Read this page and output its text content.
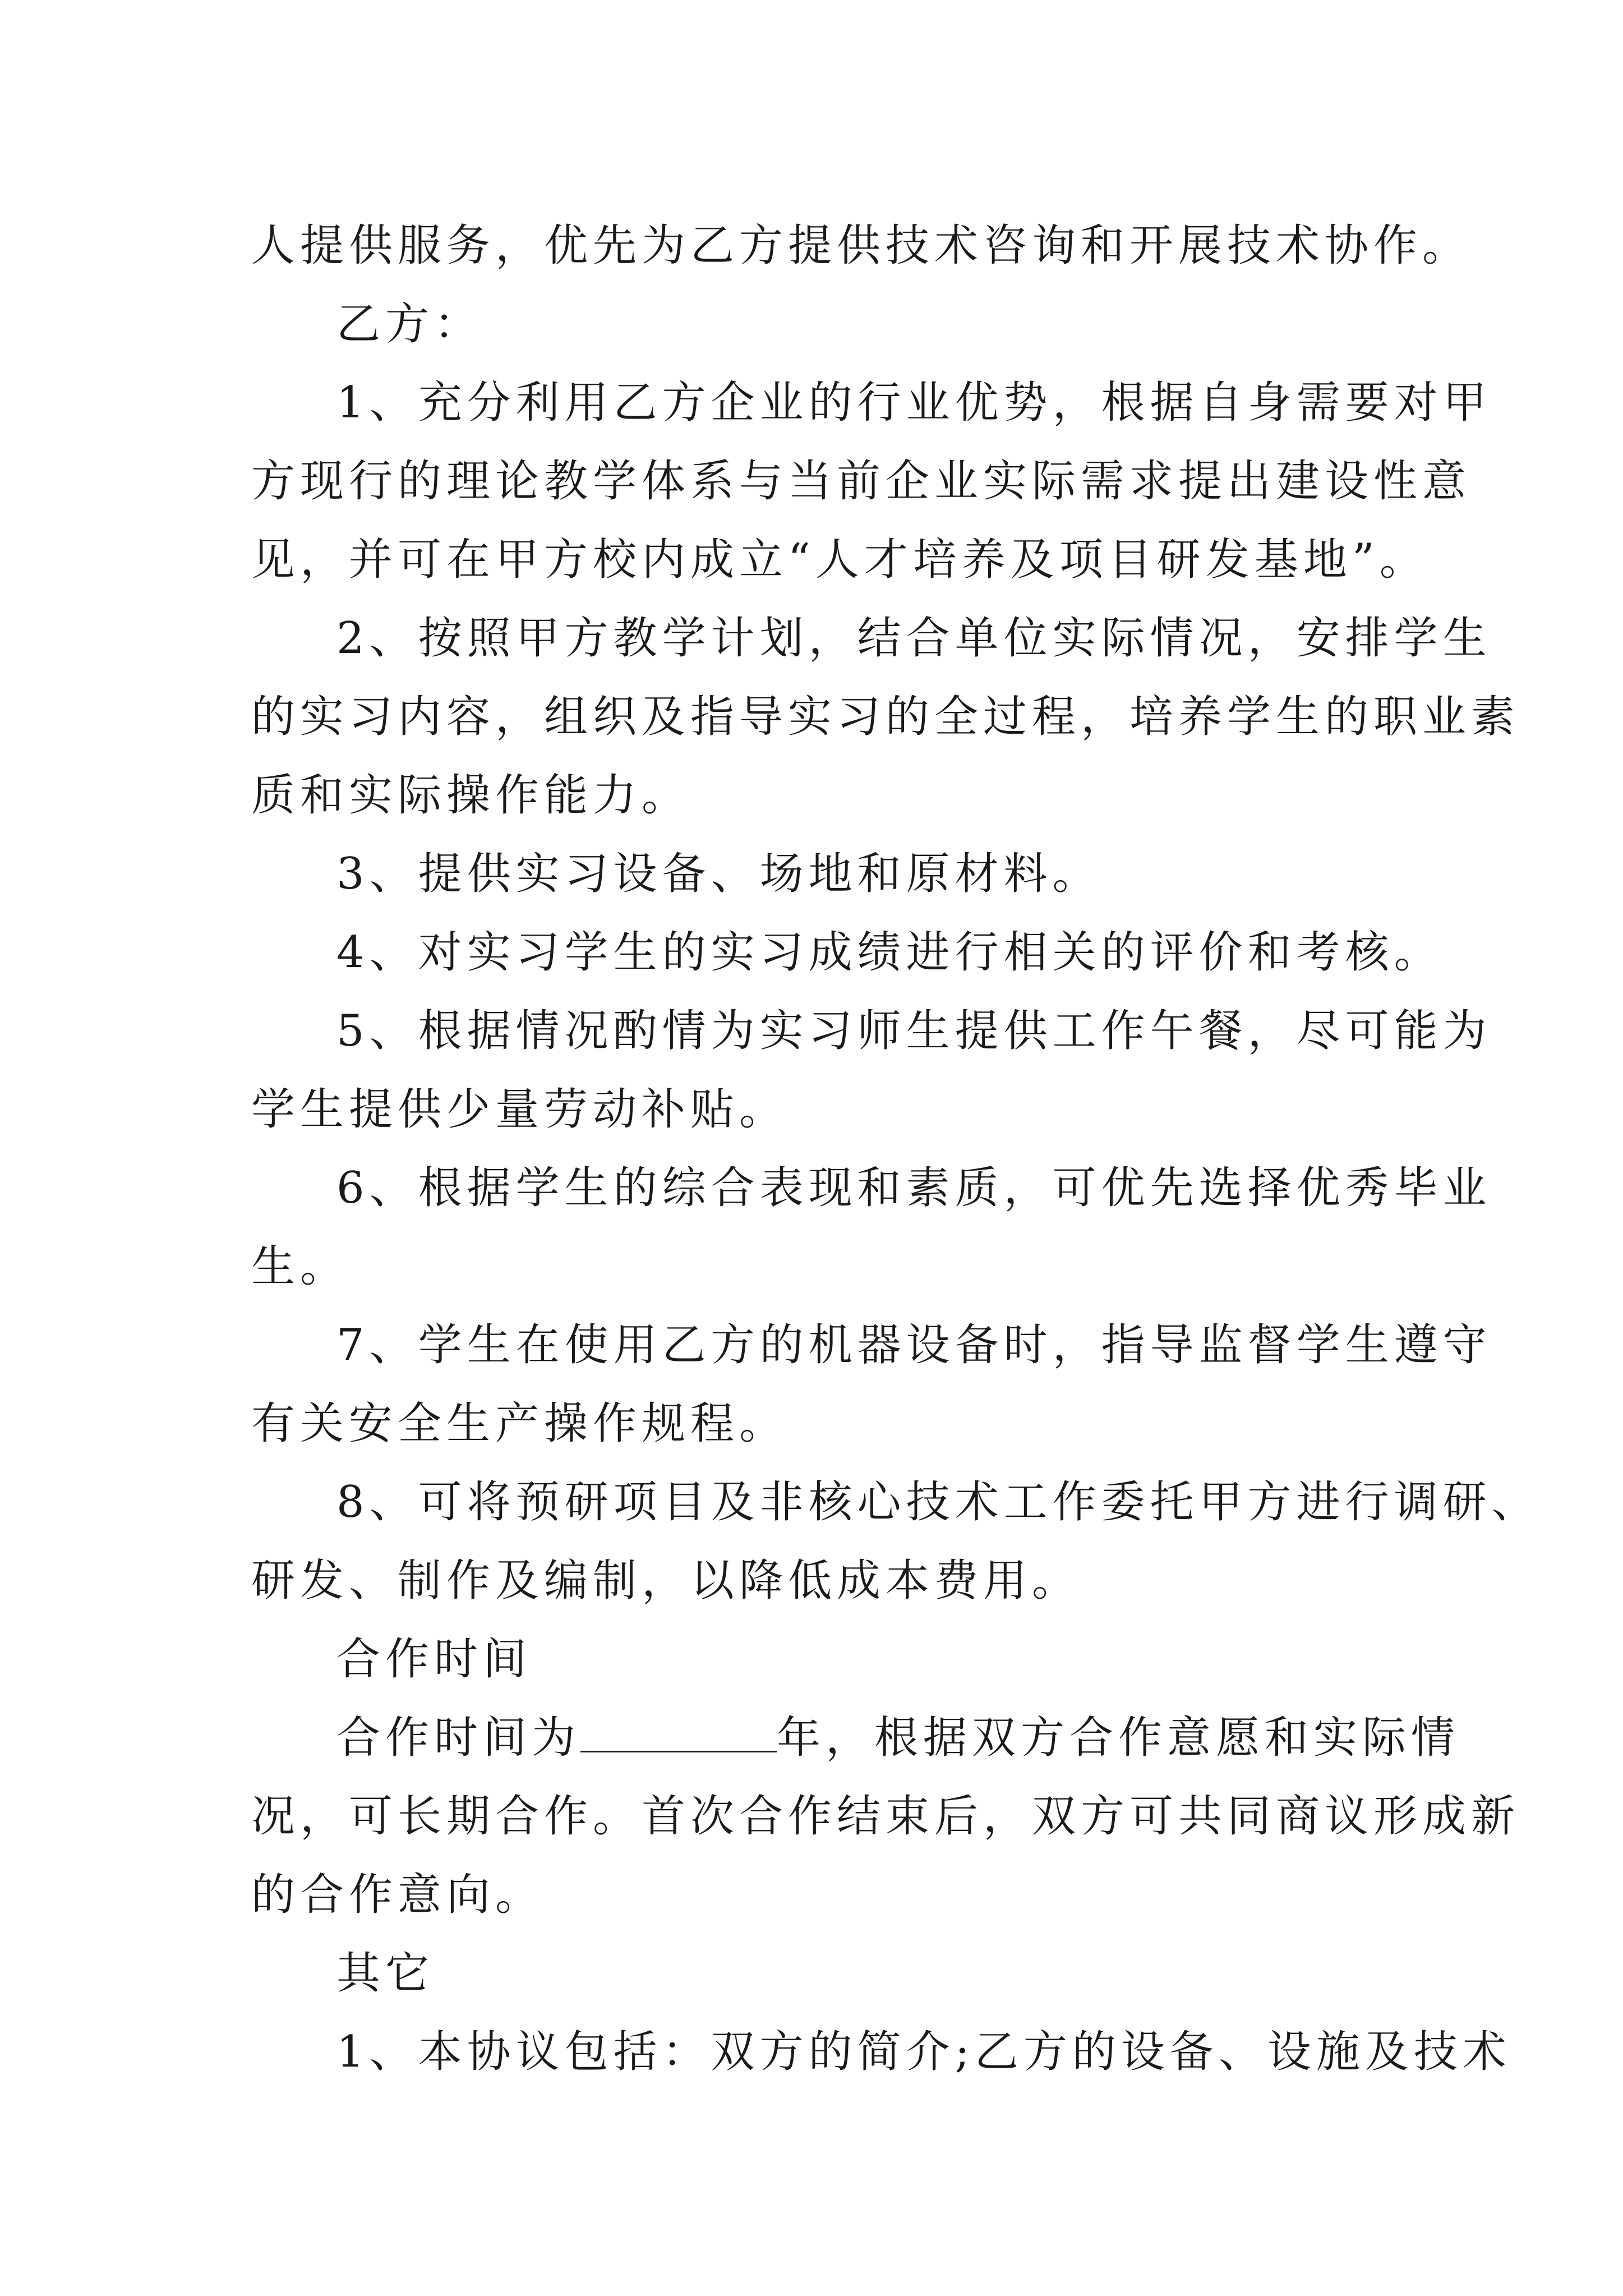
人提供服务，优先为乙方提供技术咨询和开展技术协作。
乙方：
1、充分利用乙方企业的行业优势，根据自身需要对甲
方现行的理论教学体系与当前企业实际需求提出建设性意
见，并可在甲方校内成立“人才培养及项目研发基地”。
2、按照甲方教学计划，结合单位实际情况，安排学生
的实习内容，组织及指导实习的全过程，培养学生的职业素
质和实际操作能力。
3、提供实习设备、场地和原材料。
4、对实习学生的实习成绩进行相关的评价和考核。
5、根据情况酌情为实习师生提供工作午餐，尽可能为
学生提供少量劳动补贴。
6、根据学生的综合表现和素质，可优先选择优秀毕业
生。
7、学生在使用乙方的机器设备时，指导监督学生遵守
有关安全生产操作规程。
8、可将预研项目及非核心技术工作委托甲方进行调研、
研发、制作及编制，以降低成本费用。
合作时间
合作时间为	年，根据双方合作意愿和实际情
况，可长期合作。首次合作结束后，双方可共同商议形成新
的合作意向。
其它
1、本协议包括：双方的简介;乙方的设备、设施及技术
